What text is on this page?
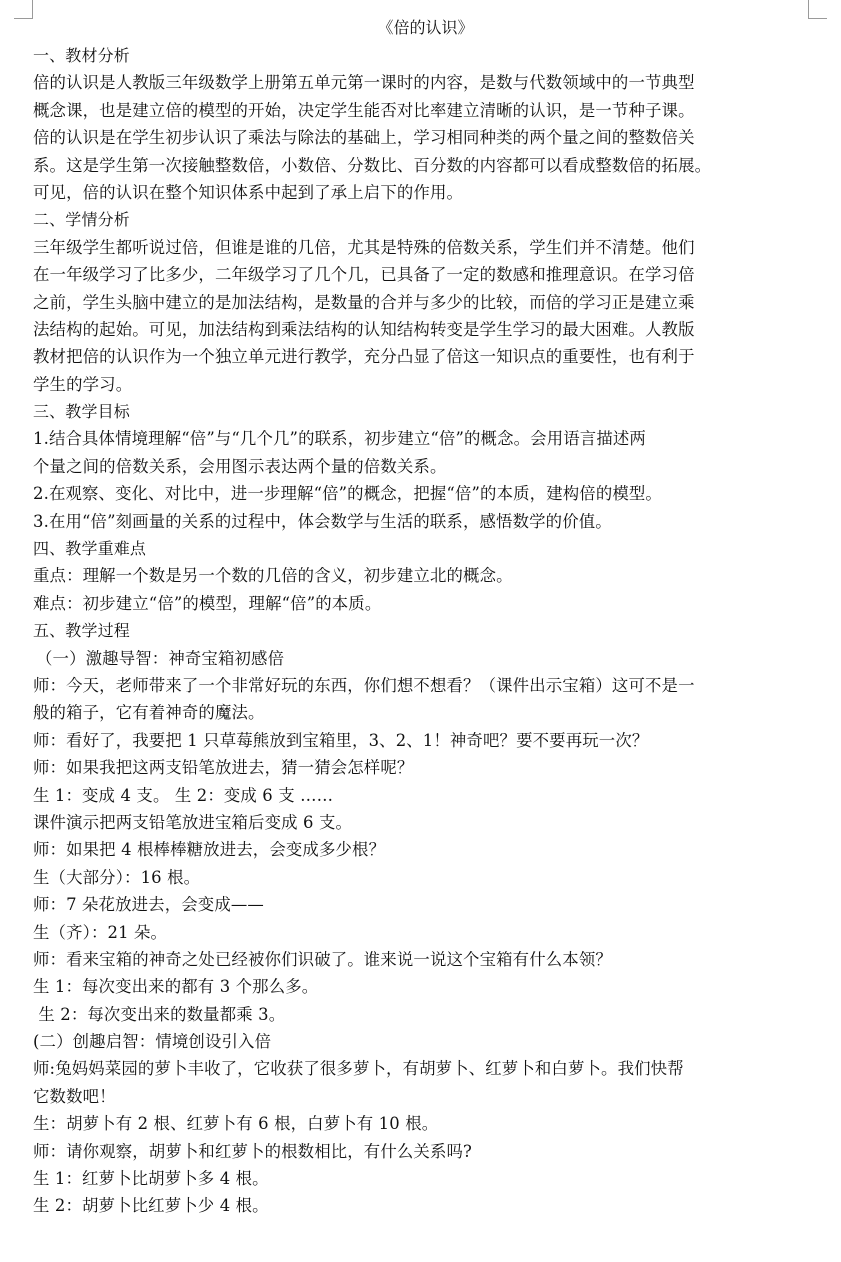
《倍的认识》
一、教材分析
倍的认识是人教版三年级数学上册第五单元第一课时的内容，是数与代数领域中的一节典型
概念课，也是建立倍的模型的开始，决定学生能否对比率建立清晰的认识，是一节种子课。
倍的认识是在学生初步认识了乘法与除法的基础上，学习相同种类的两个量之间的整数倍关
系。这是学生第一次接触整数倍，小数倍、分数比、百分数的内容都可以看成整数倍的拓展。
可见，倍的认识在整个知识体系中起到了承上启下的作用。
二、学情分析
三年级学生都听说过倍，但谁是谁的几倍，尤其是特殊的倍数关系，学生们并不清楚。他们
在一年级学习了比多少，二年级学习了几个几，已具备了一定的数感和推理意识。在学习倍
之前，学生头脑中建立的是加法结构，是数量的合并与多少的比较，而倍的学习正是建立乘
法结构的起始。可见，加法结构到乘法结构的认知结构转变是学生学习的最大困难。人教版
教材把倍的认识作为一个独立单元进行教学，充分凸显了倍这一知识点的重要性，也有利于
学生的学习。
三、教学目标
1.结合具体情境理解“倍”与“几个几”的联系，初步建立“倍”的概念。会用语言描述两
个量之间的倍数关系，会用图示表达两个量的倍数关系。
2.在观察、变化、对比中，进一步理解“倍”的概念，把握“倍”的本质，建构倍的模型。
3.在用“倍”刻画量的关系的过程中，体会数学与生活的联系，感悟数学的价值。
四、教学重难点
重点：理解一个数是另一个数的几倍的含义，初步建立北的概念。
难点：初步建立“倍”的模型，理解“倍”的本质。
五、教学过程
（一）激趣导智：神奇宝箱初感倍
师：今天，老师带来了一个非常好玩的东西，你们想不想看？（课件出示宝箱）这可不是一
般的箱子，它有着神奇的魔法。
师：看好了，我要把 1 只草莓熊放到宝箱里，3、2、1！神奇吧？要不要再玩一次？
师：如果我把这两支铅笔放进去，猜一猜会怎样呢？
生 1：变成 4 支。 生 2：变成 6 支 ……
课件演示把两支铅笔放进宝箱后变成 6 支。
师：如果把 4 根棒棒糖放进去，会变成多少根？
生（大部分）：16 根。
师：7 朵花放进去，会变成——
生（齐）：21 朵。
师：看来宝箱的神奇之处已经被你们识破了。谁来说一说这个宝箱有什么本领？
生 1：每次变出来的都有 3 个那么多。
生 2：每次变出来的数量都乘 3。
(二）创趣启智：情境创设引入倍
师:兔妈妈菜园的萝卜丰收了，它收获了很多萝卜，有胡萝卜、红萝卜和白萝卜。我们快帮
它数数吧！
生：胡萝卜有 2 根、红萝卜有 6 根，白萝卜有 10 根。
师：请你观察，胡萝卜和红萝卜的根数相比，有什么关系吗?
生 1：红萝卜比胡萝卜多 4 根。
生 2：胡萝卜比红萝卜少 4 根。
